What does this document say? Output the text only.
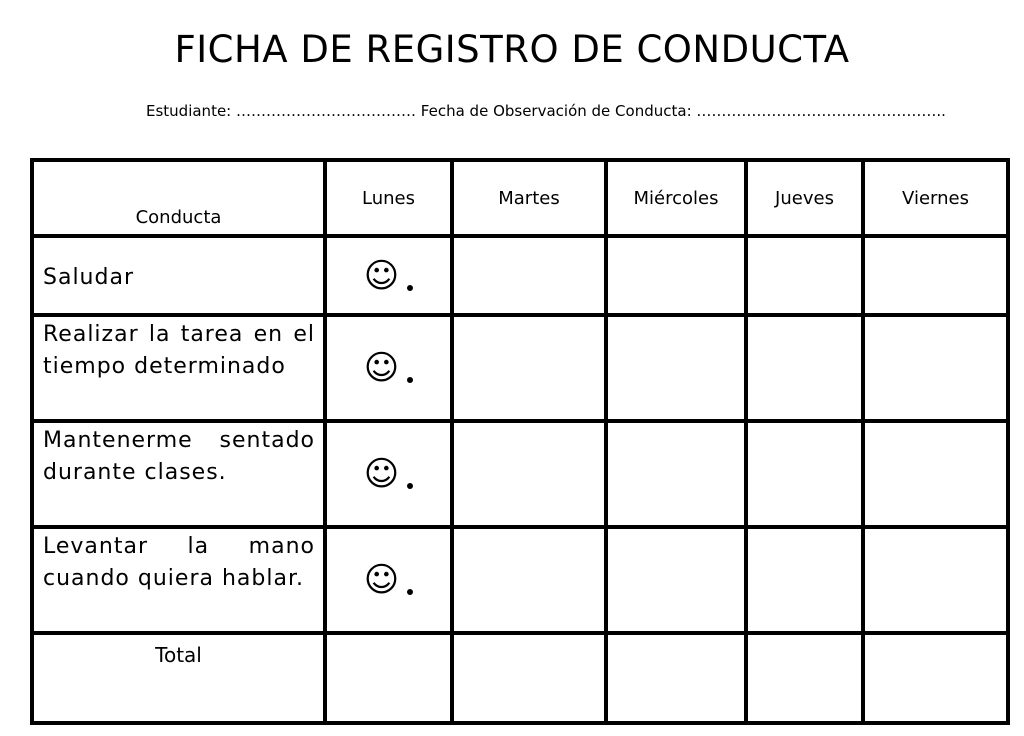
FICHA DE REGISTRO DE CONDUCTA
Estudiante: ……………………………… Fecha de Observación de Conducta: …………………………………………..
Conducta	Lunes	Martes	Miércoles	Jueves	Viernes
Saludar	☺				

Realizar la tarea en el tiempo determinado	☺				

Mantenerme sentado durante clases.	☺				

Levantar la mano cuando quiera hablar.	☺				

Total					
